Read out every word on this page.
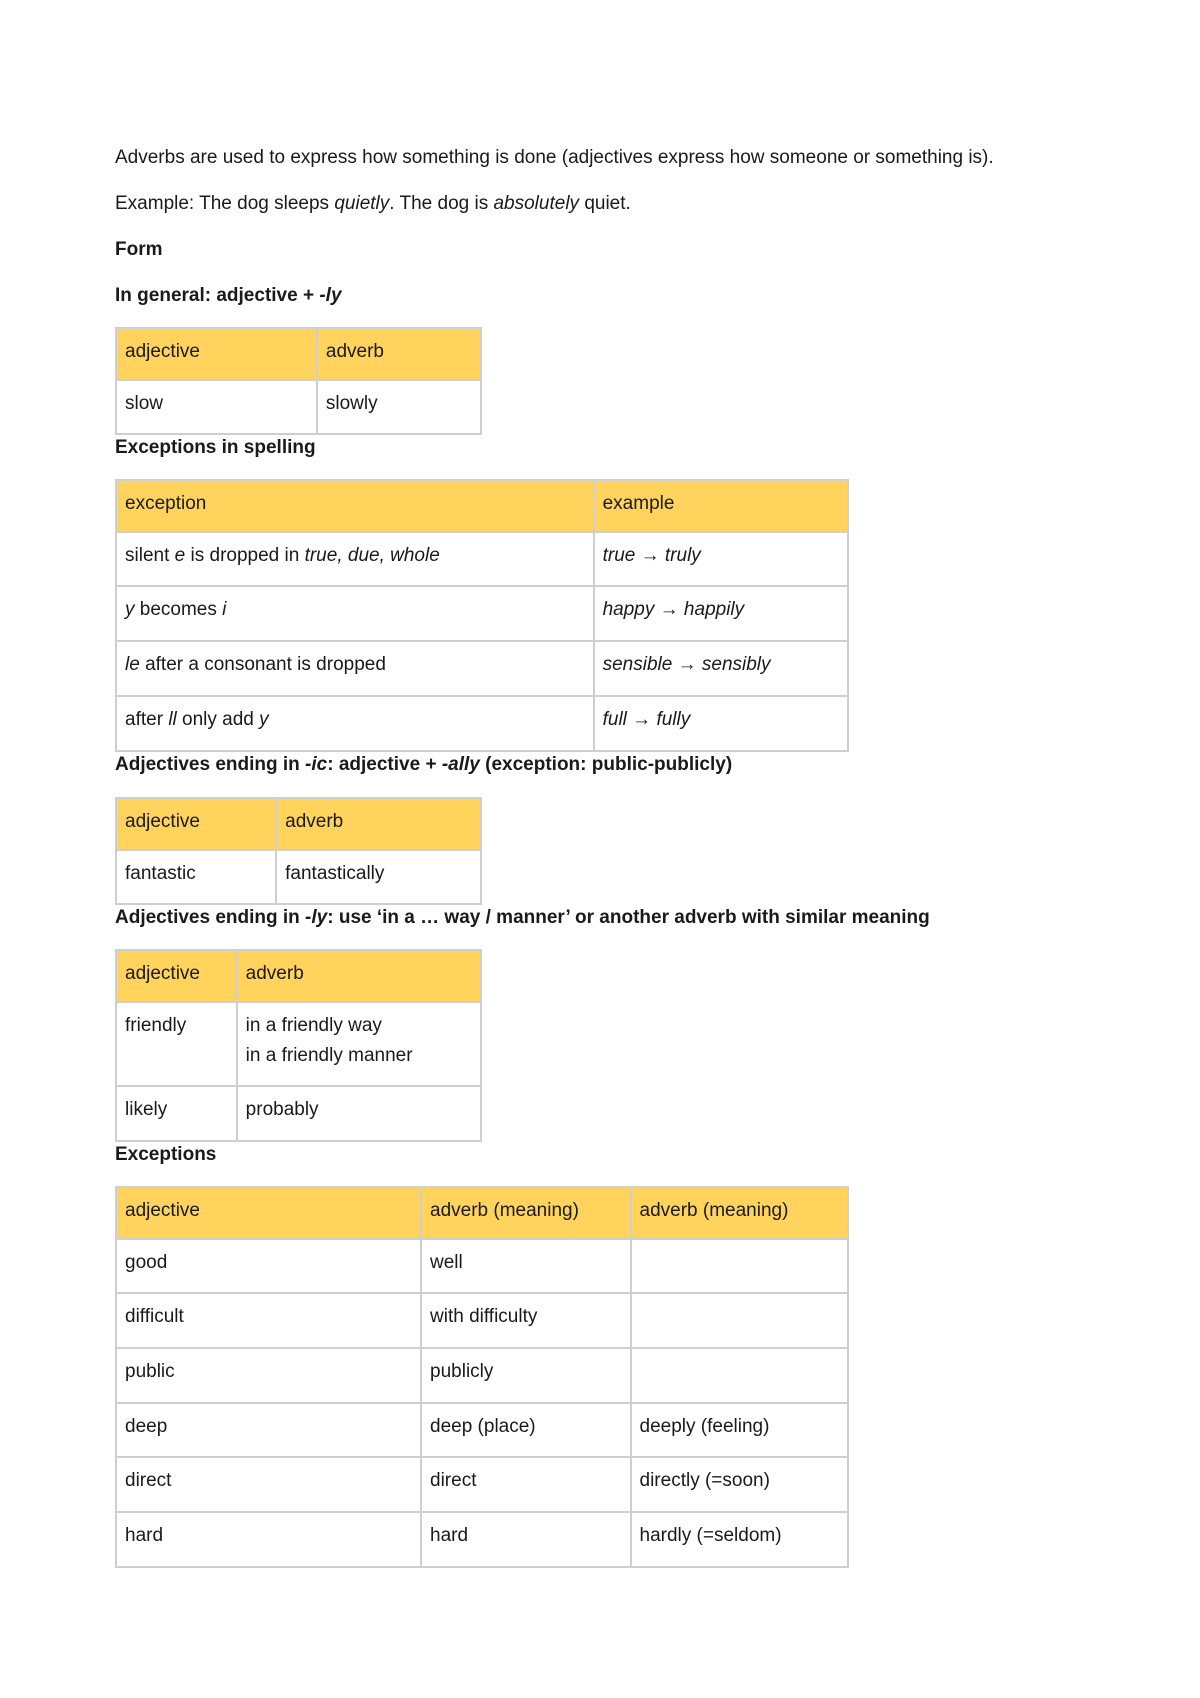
Adverbs are used to express how something is done (adjectives express how someone or something is).
Example: The dog sleeps quietly. The dog is absolutely quiet.
Form
In general: adjective + -ly
adjective	adverb
slow	slowly
Exceptions in spelling
exception	example
silent e is dropped in true, due, whole	true → truly
y becomes i	happy → happily
le after a consonant is dropped	sensible → sensibly
after ll only add y	full → fully
Adjectives ending in -ic: adjective + -ally (exception: public-publicly)
adjective	adverb
fantastic	fantastically
Adjectives ending in -ly: use ‘in a … way / manner’ or another adverb with similar meaning
adjective	adverb
friendly	in a friendly way
in a friendly manner
likely	probably
Exceptions
adjective	adverb (meaning)	adverb (meaning)
good	well	
difficult	with difficulty	
public	publicly	
deep	deep (place)	deeply (feeling)
direct	direct	directly (=soon)
hard	hard	hardly (=seldom)
